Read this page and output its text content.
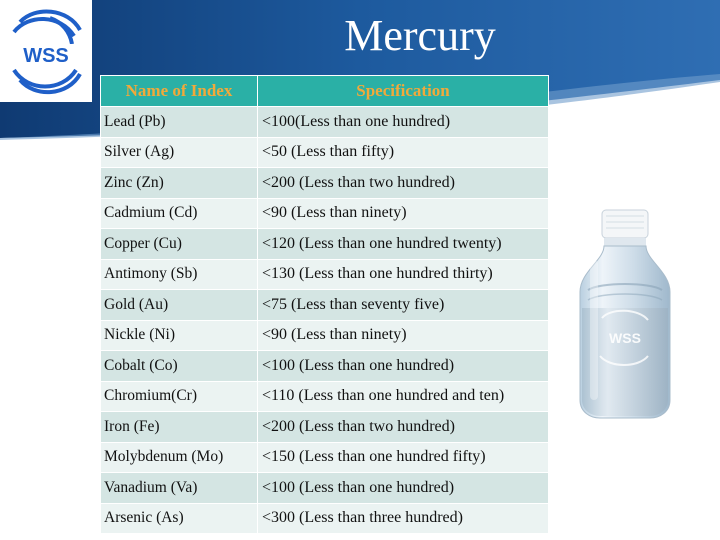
WSS	Mercury
Name of Index	Specification
Lead (Pb)	<100(Less than one hundred)
Silver (Ag)	<50 (Less than fifty)
Zinc (Zn)	<200 (Less than two hundred)
Cadmium (Cd)	<90 (Less than ninety)
Copper (Cu)	<120 (Less than one hundred twenty)
Antimony (Sb)	<130 (Less than one hundred thirty)
Gold (Au)	<75 (Less than seventy five)
Nickle (Ni)	<90 (Less than ninety)
Cobalt (Co)	<100 (Less than one hundred)
Chromium(Cr)	<110 (Less than one hundred and ten)
Iron (Fe)	<200 (Less than two hundred)
Molybdenum (Mo)	<150 (Less than one hundred fifty)
Vanadium (Va)	<100 (Less than one hundred)
Arsenic (As)	<300 (Less than three hundred)
WSS
